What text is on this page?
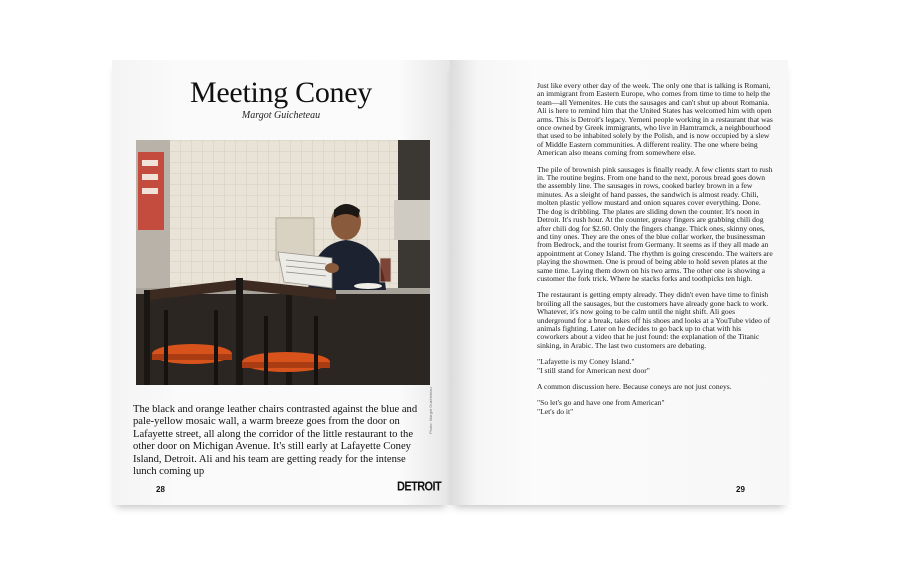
Meeting Coney
Margot Guicheteau

The black and orange leather chairs contrasted against the blue and pale-yellow mosaic wall, a warm breeze goes from the door on Lafayette street, all along the corridor of the little restaurant to the other door on Michigan Avenue. It's still early at Lafayette Coney Island, Detroit. Ali and his team are getting ready for the intense lunch coming up

Photo: Margot Guicheteau
28	DETROIT

Just like every other day of the week. The only one that is talking is Romani, an immigrant from Eastern Europe, who comes from time to time to help the team—all Yemenites. He cuts the sausages and can't shut up about Romania. Ali is here to remind him that the United States has welcomed him with open arms. This is Detroit's legacy. Yemeni people working in a restaurant that was once owned by Greek immigrants, who live in Hamtramck, a neighbourhood that used to be inhabited solely by the Polish, and is now occupied by a slew of Middle Eastern communities. A different reality. The one where being American also means coming from somewhere else.

The pile of brownish pink sausages is finally ready. A few clients start to rush in. The routine begins. From one hand to the next, porous bread goes down the assembly line. The sausages in rows, cooked barley brown in a few minutes. As a sleight of hand passes, the sandwich is almost ready. Chili, molten plastic yellow mustard and onion squares cover everything. Done. The dog is dribbling. The plates are sliding down the counter. It's noon in Detroit. It's rush hour. At the counter, greasy fingers are grabbing chili dog after chili dog for $2.60. Only the fingers change. Thick ones, skinny ones, and tiny ones. They are the ones of the blue collar worker, the businessman from Bedrock, and the tourist from Germany. It seems as if they all made an appointment at Coney Island. The rhythm is going crescendo. The waiters are playing the showmen. One is proud of being able to hold seven plates at the same time. Laying them down on his two arms. The other one is showing a customer the fork trick. Where he stacks forks and toothpicks ten high.

The restaurant is getting empty already. They didn't even have time to finish broiling all the sausages, but the customers have already gone back to work. Whatever, it's now going to be calm until the night shift. Ali goes underground for a break, takes off his shoes and looks at a YouTube video of animals fighting. Later on he decides to go back up to chat with his coworkers about a video that he just found: the explanation of the Titanic sinking, in Arabic. The last two customers are debating.

"Lafayette is my Coney Island."
"I still stand for American next door"

A common discussion here. Because coneys are not just coneys.

"So let's go and have one from American"
"Let's do it"
29
